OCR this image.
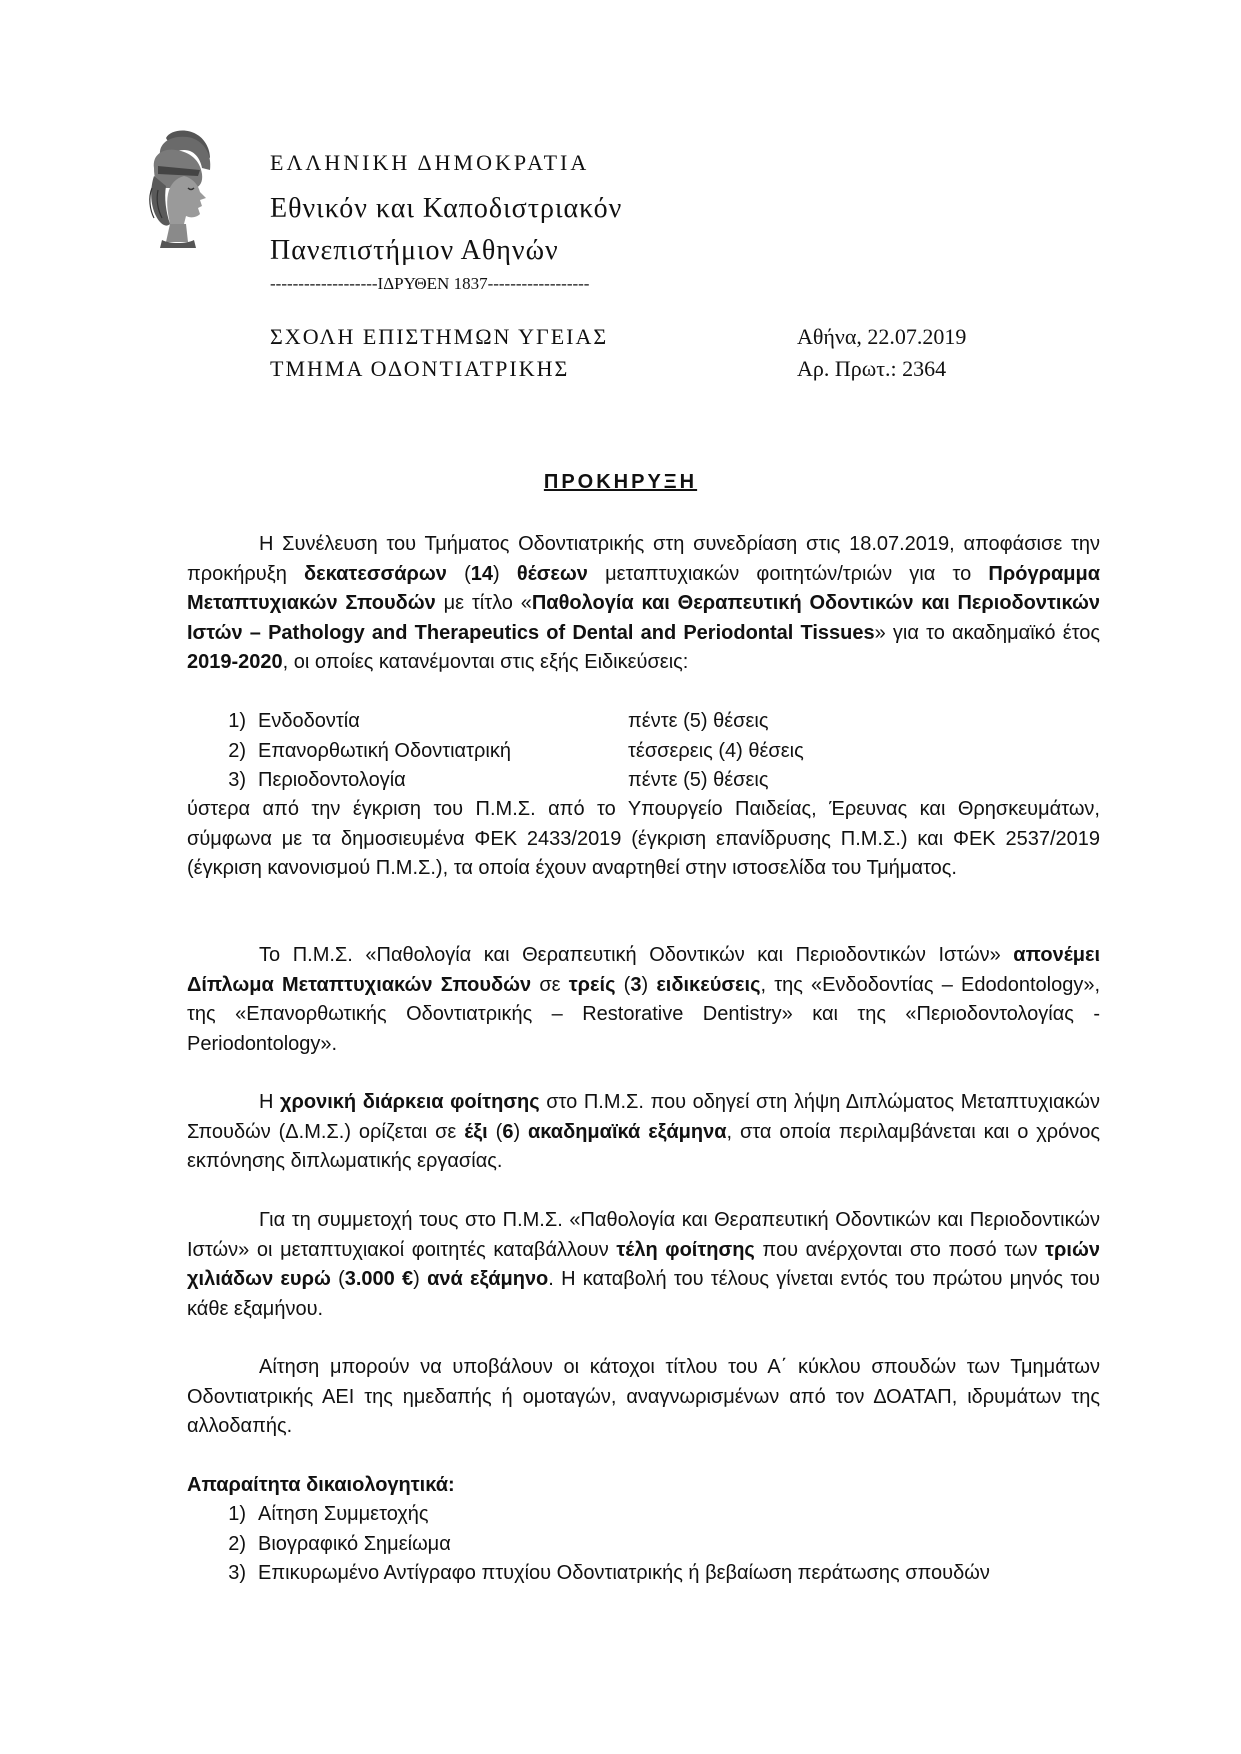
ΕΛΛΗΝΙΚΗ ΔΗΜΟΚΡΑΤΙΑ
Εθνικόν και Καποδιστριακόν
Πανεπιστήμιον Αθηνών
-------------------ΙΔΡΥΘΕΝ 1837------------------
ΣΧΟΛΗ ΕΠΙΣΤΗΜΩΝ ΥΓΕΙΑΣ
ΤΜΗΜΑ ΟΔΟΝΤΙΑΤΡΙΚΗΣ
Αθήνα, 22.07.2019
Αρ. Πρωτ.: 2364
ΠΡΟΚΗΡΥΞΗ

Η Συνέλευση του Τμήματος Οδοντιατρικής στη συνεδρίαση στις 18.07.2019, αποφάσισε την προκήρυξη δεκατεσσάρων (14) θέσεων μεταπτυχιακών φοιτητών/τριών για το Πρόγραμμα Μεταπτυχιακών Σπουδών με τίτλο «Παθολογία και Θεραπευτική Οδοντικών και Περιοδοντικών Ιστών – Pathology and Therapeutics of Dental and Periodontal Tissues» για το ακαδημαϊκό έτος 2019-2020, οι οποίες κατανέμονται στις εξής Ειδικεύσεις:

1) Ενδοδοντία	πέντε (5) θέσεις
2) Επανορθωτική Οδοντιατρική	τέσσερεις (4) θέσεις
3) Περιοδοντολογία	πέντε (5) θέσεις

ύστερα από την έγκριση του Π.Μ.Σ. από το Υπουργείο Παιδείας, Έρευνας και Θρησκευμάτων, σύμφωνα με τα δημοσιευμένα ΦΕΚ 2433/2019 (έγκριση επανίδρυσης Π.Μ.Σ.) και ΦΕΚ 2537/2019 (έγκριση κανονισμού Π.Μ.Σ.), τα οποία έχουν αναρτηθεί στην ιστοσελίδα του Τμήματος.

Το Π.Μ.Σ. «Παθολογία και Θεραπευτική Οδοντικών και Περιοδοντικών Ιστών» απονέμει Δίπλωμα Μεταπτυχιακών Σπουδών σε τρείς (3) ειδικεύσεις, της «Ενδοδοντίας – Edodontology», της «Επανορθωτικής Οδοντιατρικής – Restorative Dentistry» και της «Περιοδοντολογίας - Periodontology».

Η χρονική διάρκεια φοίτησης στο Π.Μ.Σ. που οδηγεί στη λήψη Διπλώματος Μεταπτυχιακών Σπουδών (Δ.Μ.Σ.) ορίζεται σε έξι (6) ακαδημαϊκά εξάμηνα, στα οποία περιλαμβάνεται και ο χρόνος εκπόνησης διπλωματικής εργασίας.

Για τη συμμετοχή τους στο Π.Μ.Σ. «Παθολογία και Θεραπευτική Οδοντικών και Περιοδοντικών Ιστών» οι μεταπτυχιακοί φοιτητές καταβάλλουν τέλη φοίτησης που ανέρχονται στο ποσό των τριών χιλιάδων ευρώ (3.000 €) ανά εξάμηνο. Η καταβολή του τέλους γίνεται εντός του πρώτου μηνός του κάθε εξαμήνου.

Αίτηση μπορούν να υποβάλουν οι κάτοχοι τίτλου του Α΄ κύκλου σπουδών των Τμημάτων Οδοντιατρικής ΑΕΙ της ημεδαπής ή ομοταγών, αναγνωρισμένων από τον ΔΟΑΤΑΠ, ιδρυμάτων της αλλοδαπής.

Απαραίτητα δικαιολογητικά:

1) Αίτηση Συμμετοχής
2) Βιογραφικό Σημείωμα
3) Επικυρωμένο Αντίγραφο πτυχίου Οδοντιατρικής ή βεβαίωση περάτωσης σπουδών
